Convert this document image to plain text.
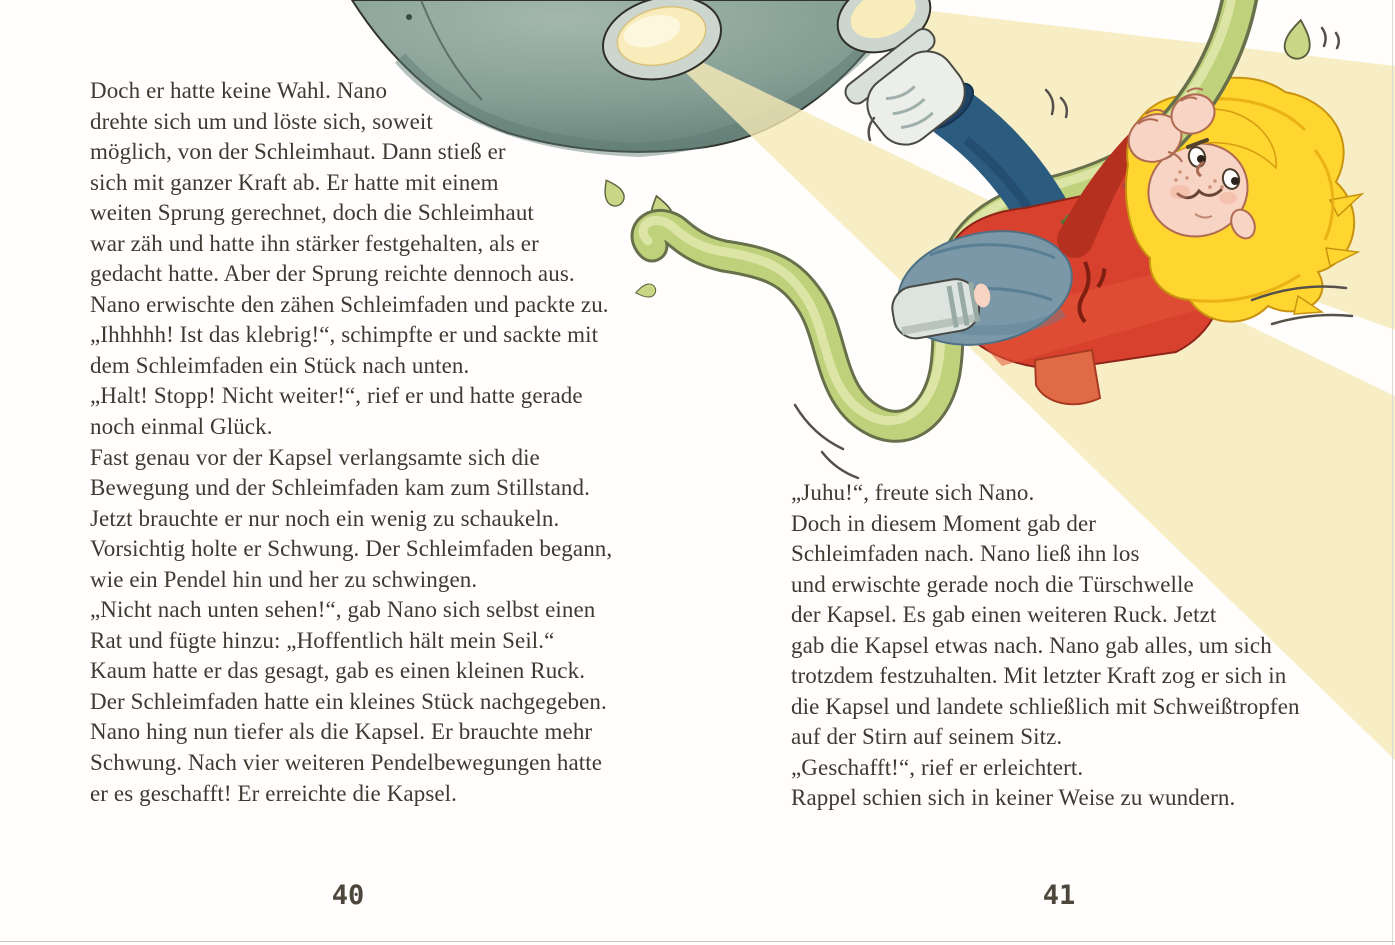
Doch er hatte keine Wahl. Nano
drehte sich um und löste sich, soweit
möglich, von der Schleimhaut. Dann stieß er
sich mit ganzer Kraft ab. Er hatte mit einem
weiten Sprung gerechnet, doch die Schleimhaut
war zäh und hatte ihn stärker festgehalten, als er
gedacht hatte. Aber der Sprung reichte dennoch aus.
Nano erwischte den zähen Schleimfaden und packte zu.
„Ihhhhh! Ist das klebrig!“, schimpfte er und sackte mit
dem Schleimfaden ein Stück nach unten.
„Halt! Stopp! Nicht weiter!“, rief er und hatte gerade
noch einmal Glück.
Fast genau vor der Kapsel verlangsamte sich die
Bewegung und der Schleimfaden kam zum Stillstand.
Jetzt brauchte er nur noch ein wenig zu schaukeln.
Vorsichtig holte er Schwung. Der Schleimfaden begann,
wie ein Pendel hin und her zu schwingen.
„Nicht nach unten sehen!“, gab Nano sich selbst einen
Rat und fügte hinzu: „Hoffentlich hält mein Seil.“
Kaum hatte er das gesagt, gab es einen kleinen Ruck.
Der Schleimfaden hatte ein kleines Stück nachgegeben.
Nano hing nun tiefer als die Kapsel. Er brauchte mehr
Schwung. Nach vier weiteren Pendelbewegungen hatte
er es geschafft! Er erreichte die Kapsel.
„Juhu!“, freute sich Nano.
Doch in diesem Moment gab der
Schleimfaden nach. Nano ließ ihn los
und erwischte gerade noch die Türschwelle
der Kapsel. Es gab einen weiteren Ruck. Jetzt
gab die Kapsel etwas nach. Nano gab alles, um sich
trotzdem festzuhalten. Mit letzter Kraft zog er sich in
die Kapsel und landete schließlich mit Schweißtropfen
auf der Stirn auf seinem Sitz.
„Geschafft!“, rief er erleichtert.
Rappel schien sich in keiner Weise zu wundern.
40	41
